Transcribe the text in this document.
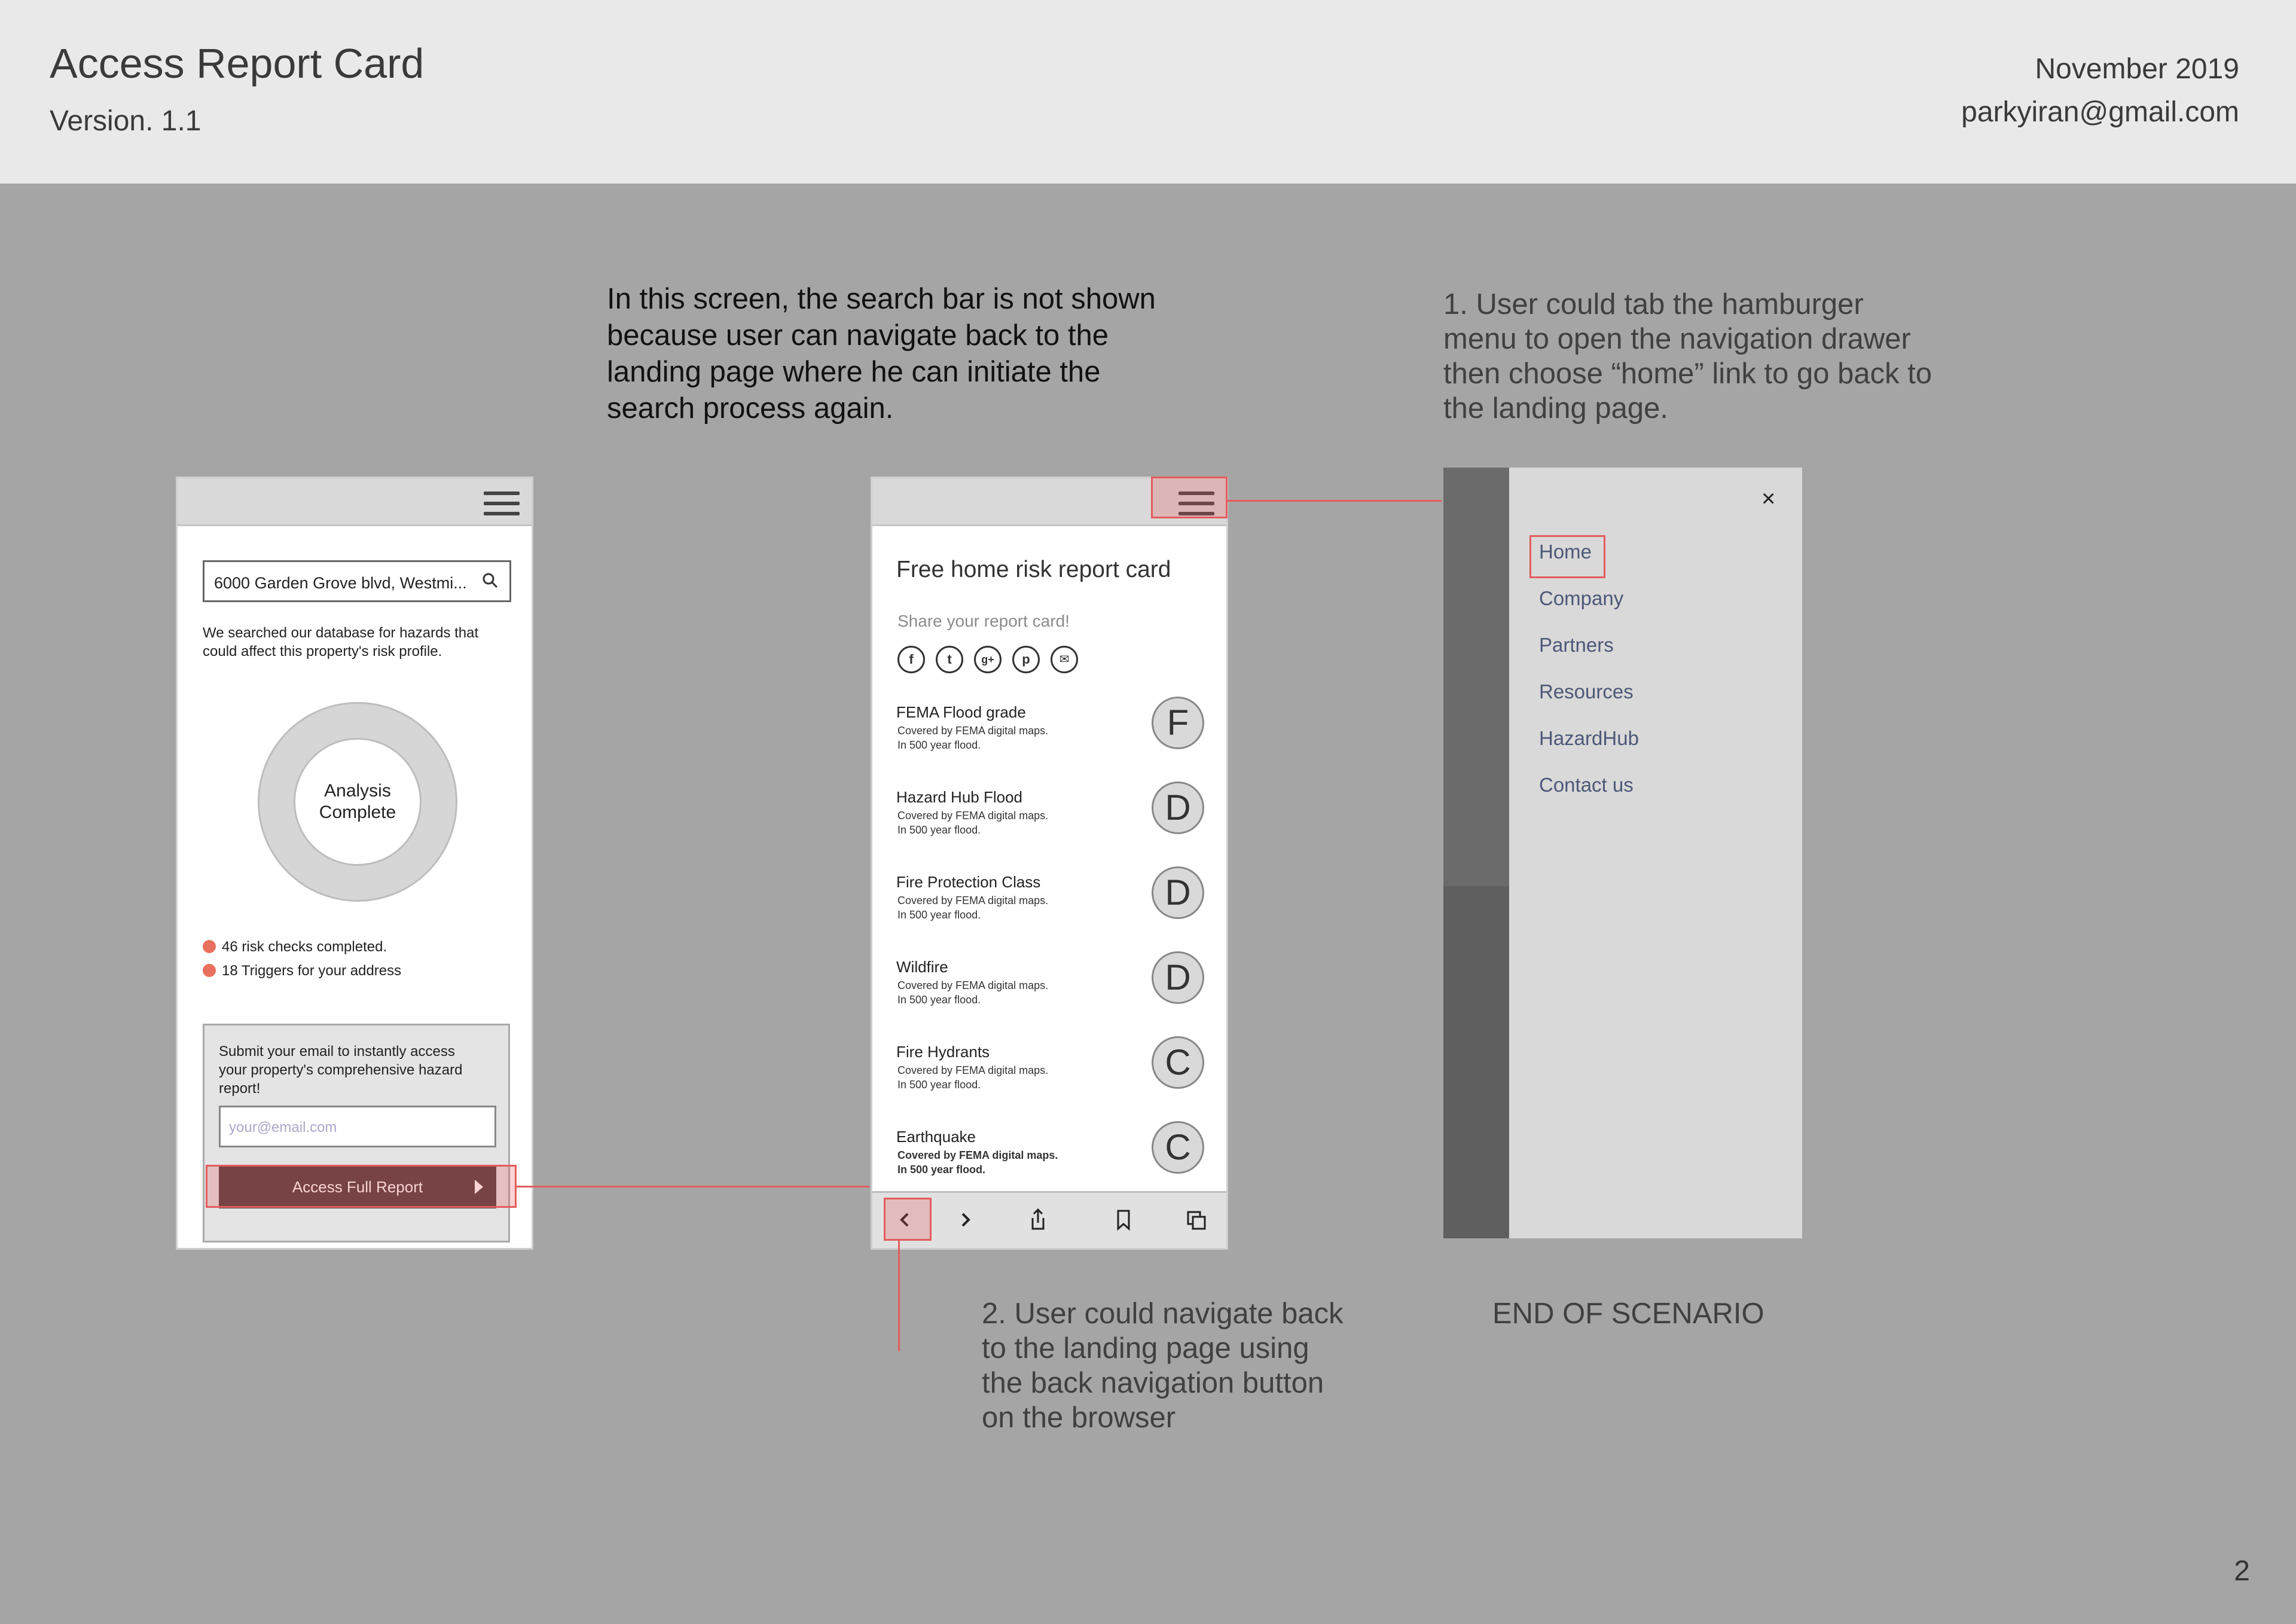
Access Report Card
Version. 1.1
November 2019
parkyiran@gmail.com
In this screen, the search bar is not shown because user can navigate back to the landing page where he can initiate the search process again.
1. User could tab the hamburger menu to open the navigation drawer then choose “home” link to go back to the landing page.
2. User could navigate back to the landing page using the back navigation button on the browser
END OF SCENARIO
2
6000 Garden Grove blvd, Westmi...
We searched our database for hazards that could affect this property's risk profile.
Analysis
Complete
46 risk checks completed.
18 Triggers for your address
Submit your email to instantly access your property's comprehensive hazard report!
your@email.com
Access Full Report
Free home risk report card
Share your report card!
f	t	g+	p	✉
FEMA Flood grade
Covered by FEMA digital maps.
In 500 year flood.
F
Hazard Hub Flood
Covered by FEMA digital maps.
In 500 year flood.
D
Fire Protection Class
Covered by FEMA digital maps.
In 500 year flood.
D
Wildfire
Covered by FEMA digital maps.
In 500 year flood.
D
Fire Hydrants
Covered by FEMA digital maps.
In 500 year flood.
C
Earthquake
Covered by FEMA digital maps.
In 500 year flood.
C
×
Home
Company
Partners
Resources
HazardHub
Contact us
